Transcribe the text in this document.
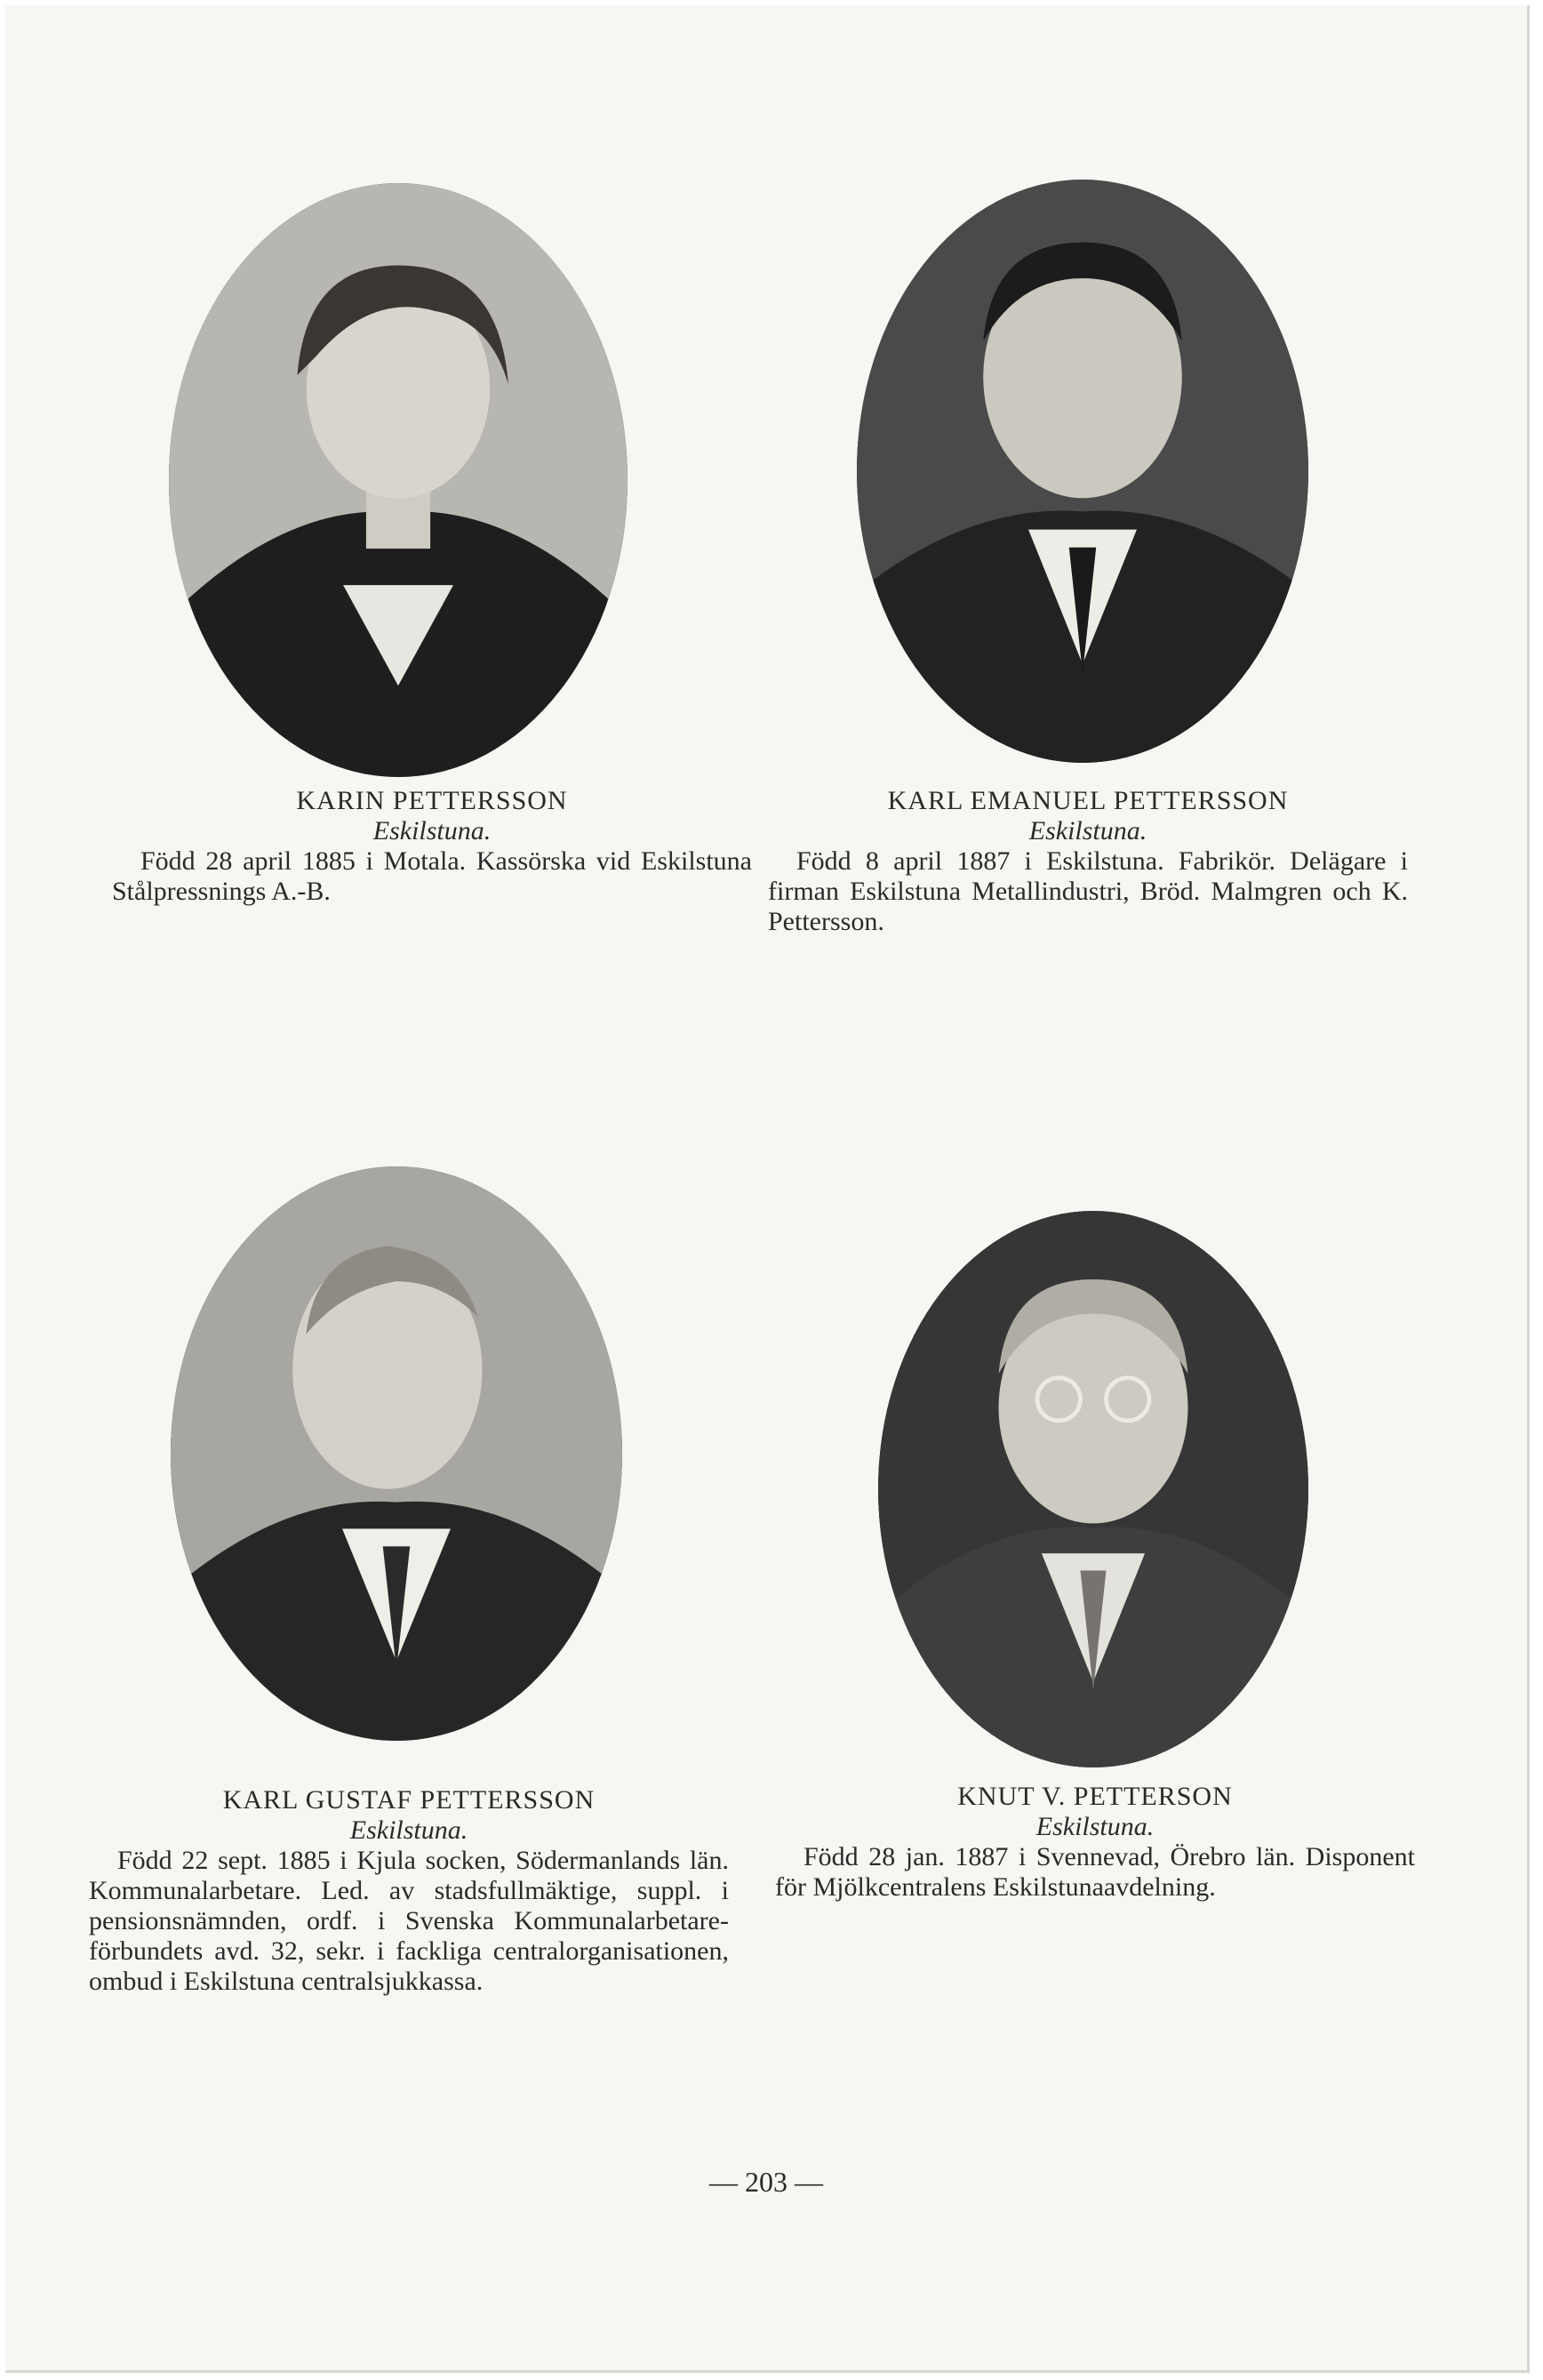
KARIN PETTERSSON
Eskilstuna.
Född 28 april 1885 i Motala. Kassörska vid Eskilstuna Stålpressnings A.-B.
KARL EMANUEL PETTERSSON
Eskilstuna.
Född 8 april 1887 i Eskilstuna. Fabrikör. Delägare i firman Eskilstuna Metallindustri, Bröd. Malmgren och K. Pettersson.
KARL GUSTAF PETTERSSON
Eskilstuna.
Född 22 sept. 1885 i Kjula socken, Södermanlands län. Kommunalarbetare. Led. av stadsfullmäktige, suppl. i pensionsnämnden, ordf. i Svenska Kommunalarbetareförbundets avd. 32, sekr. i fackliga centralorganisationen, ombud i Eskilstuna centralsjukkassa.
KNUT V. PETTERSON
Eskilstuna.
Född 28 jan. 1887 i Svennevad, Örebro län. Disponent för Mjölkcentralens Eskilstunaavdelning.
— 203 —
